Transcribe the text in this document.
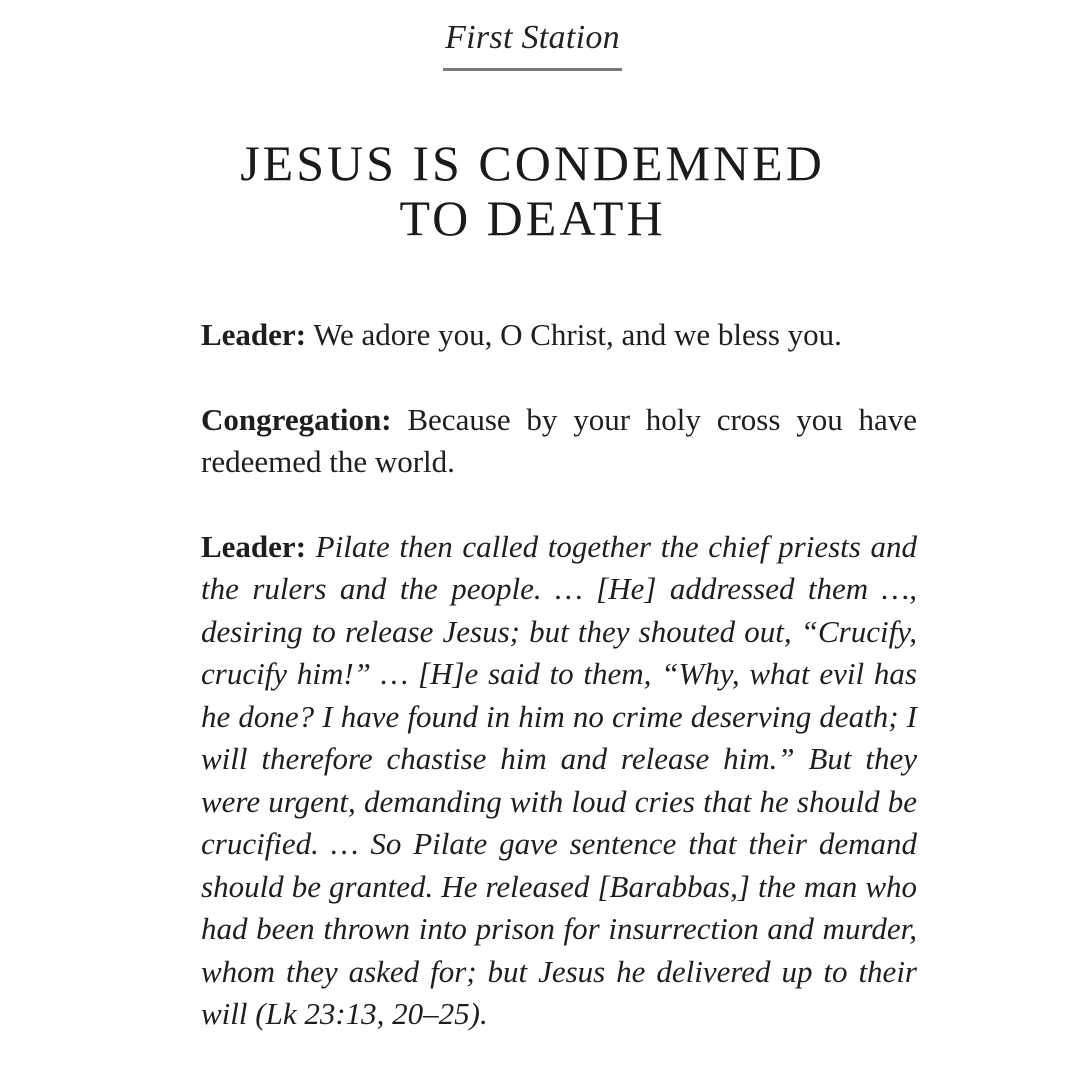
First Station
JESUS IS CONDEMNED
TO DEATH

Leader: We adore you, O Christ, and we bless you.

Congregation: Because by your holy cross you have redeemed the world.

Leader: Pilate then called together the chief priests and the rulers and the people. … [He] addressed them …, desiring to release Jesus; but they shouted out, “Crucify, crucify him!” … [H]e said to them, “Why, what evil has he done? I have found in him no crime deserving death; I will therefore chastise him and release him.” But they were urgent, demanding with loud cries that he should be crucified. … So Pilate gave sentence that their demand should be granted. He released [Barabbas,] the man who had been thrown into prison for insurrection and murder, whom they asked for; but Jesus he delivered up to their will (Lk 23:13, 20–25).
